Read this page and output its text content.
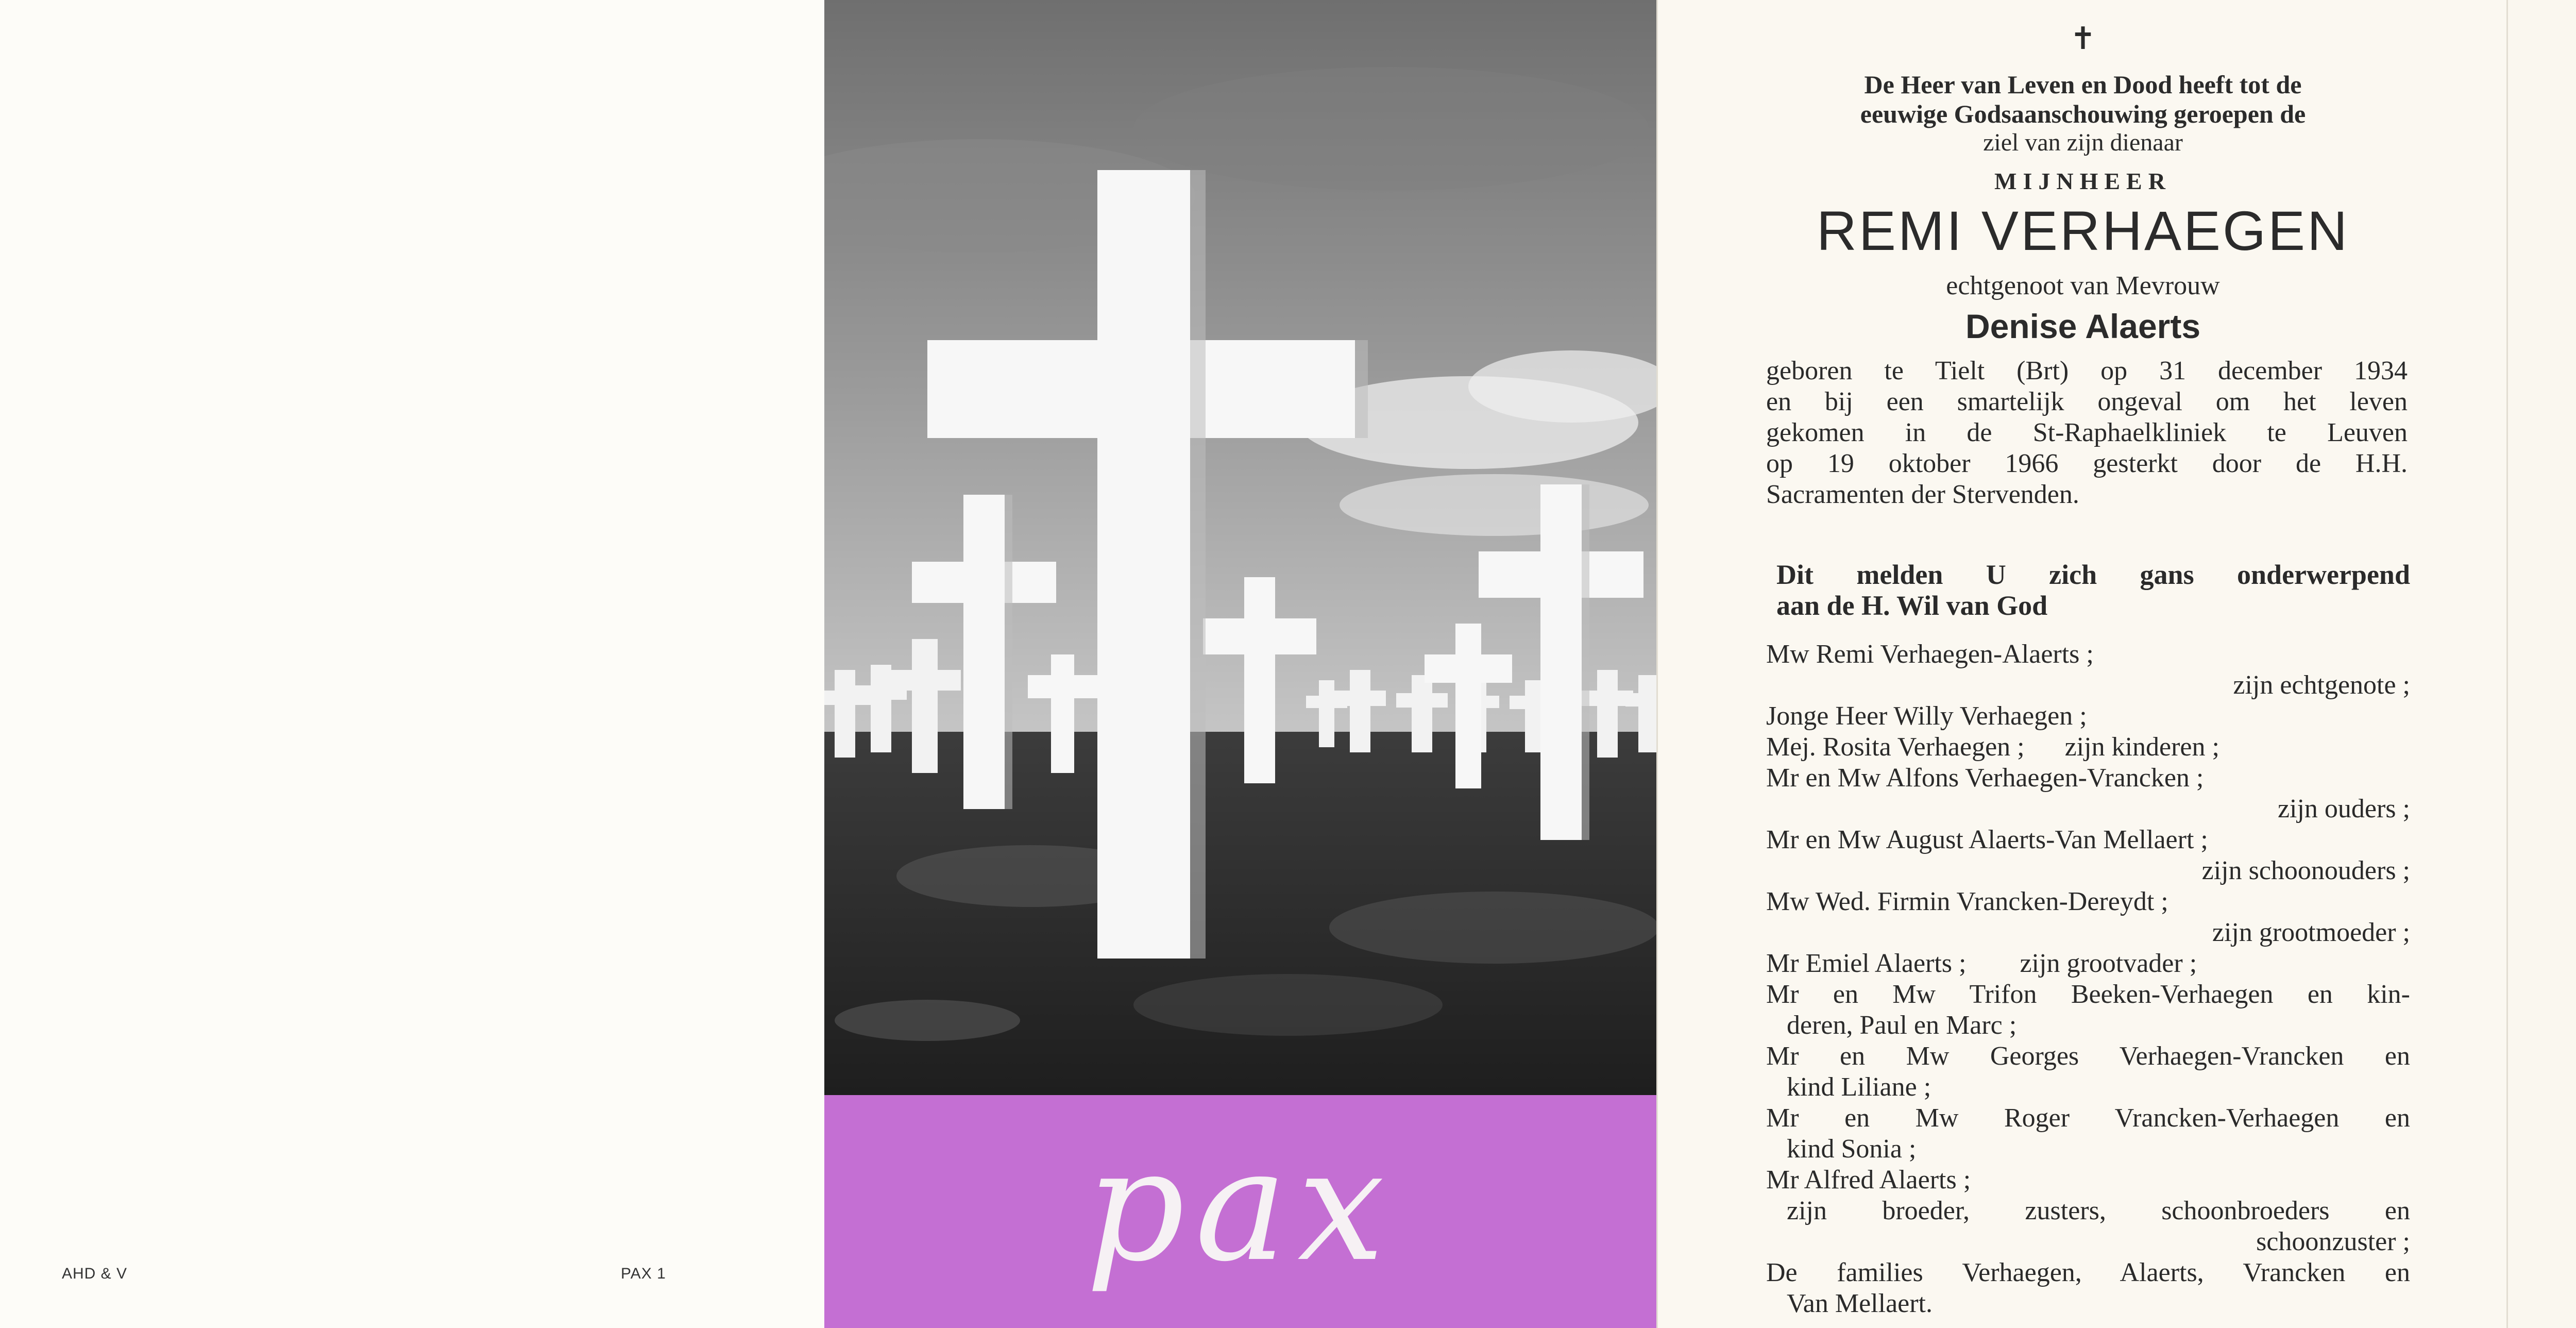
AHD & V	PAX 1	pax
✝
De Heer van Leven en Dood heeft tot de
eeuwige Godsaanschouwing geroepen de
ziel van zijn dienaar
MIJNHEER
REMI VERHAEGEN
echtgenoot van Mevrouw
Denise Alaerts
geboren te Tielt (Brt) op 31 december 1934
en bij een smartelijk ongeval om het leven
gekomen in de St-Raphaelkliniek te Leuven
op 19 oktober 1966 gesterkt door de H.H.
Sacramenten der Stervenden.
Dit melden U zich gans onderwerpend
aan de H. Wil van God
Mw Remi Verhaegen-Alaerts ;
zijn echtgenote ;
Jonge Heer Willy Verhaegen ;
Mej. Rosita Verhaegen ;      zijn kinderen ;
Mr en Mw Alfons Verhaegen-Vrancken ;
zijn ouders ;
Mr en Mw August Alaerts-Van Mellaert ;
zijn schoonouders ;
Mw Wed. Firmin Vrancken-Dereydt ;
zijn grootmoeder ;
Mr Emiel Alaerts ;        zijn grootvader ;
Mr en Mw Trifon Beeken-Verhaegen en kin-
deren, Paul en Marc ;
Mr en Mw Georges Verhaegen-Vrancken en
kind Liliane ;
Mr en Mw Roger Vrancken-Verhaegen en
kind Sonia ;
Mr Alfred Alaerts ;
zijn broeder, zusters, schoonbroeders en
schoonzuster ;
De families Verhaegen, Alaerts, Vrancken en
Van Mellaert.
